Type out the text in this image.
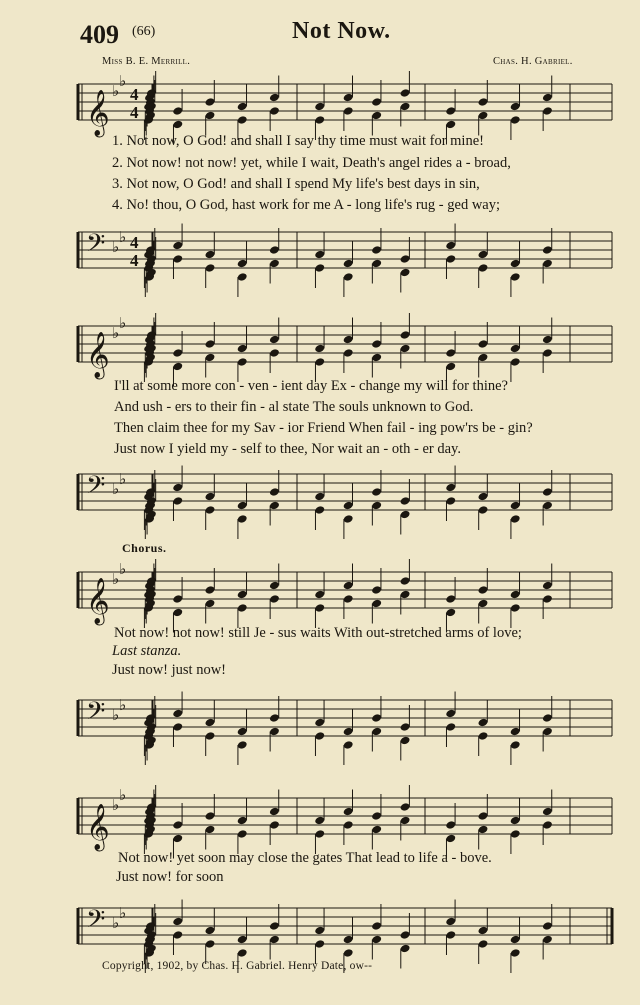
409 (66)	Not Now.
Miss B. E. Merrill.	Chas. H. Gabriel.
𝄞 ♭
♭
4
4
𝄢 ♭
♭ 4
4
1. Not now, O God! and shall I say thy time must wait for mine!
2. Not now! not now! yet, while I wait, Death's angel rides a - broad,
3. Not now, O God! and shall I spend My life's best days in sin,
4. No! thou, O God, hast work for me A - long life's rug - ged way;
𝄞 ♭
♭
𝄢 ♭
♭
I'll at some more con - ven - ient day Ex - change my will for thine?
And ush - ers to their fin - al state The souls unknown to God.
Then claim thee for my Sav - ior Friend When fail - ing pow'rs be - gin?
Just now I yield my - self to thee, Nor wait an - oth - er day.
Chorus.
𝄞 ♭
♭
𝄢 ♭
♭
Not now! not now! still Je - sus waits With out-stretched arms of love;
Last stanza.
Just now! just now!
𝄞 ♭
♭
𝄢 ♭
♭
Not now! yet soon may close the gates That lead to life a - bove.
Just now! for soon
Copyright, 1902, by Chas. H. Gabriel. Henry Date, ow--
